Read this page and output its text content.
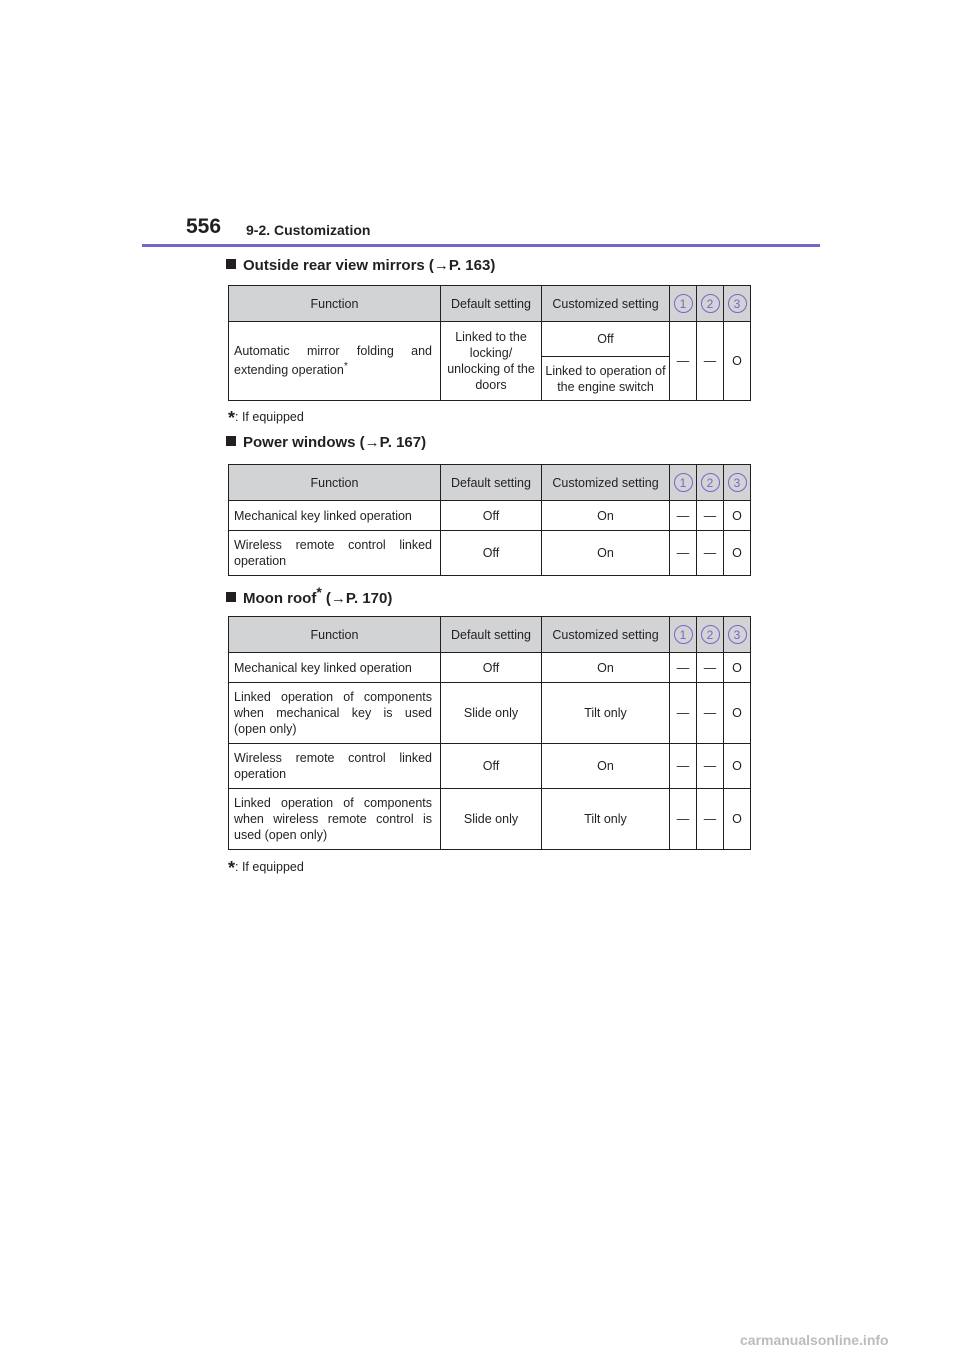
556 9-2. Customization
Outside rear view mirrors (→P. 163)
Function	Default setting	Customized setting	1	2	3
Automatic mirror folding and extending operation*	Linked to the locking/ unlocking of the doors	Off	—	—	O
		Linked to operation of the engine switch			
*: If equipped
Power windows (→P. 167)
Function	Default setting	Customized setting	1	2	3
Mechanical key linked operation	Off	On	—	—	O
Wireless remote control linked operation	Off	On	—	—	O
Moon roof* (→P. 170)
Function	Default setting	Customized setting	1	2	3
Mechanical key linked operation	Off	On	—	—	O
Linked operation of components when mechanical key is used (open only)	Slide only	Tilt only	—	—	O
Wireless remote control linked operation	Off	On	—	—	O
Linked operation of components when wireless remote control is used (open only)	Slide only	Tilt only	—	—	O
*: If equipped
carmanualsonline.info
